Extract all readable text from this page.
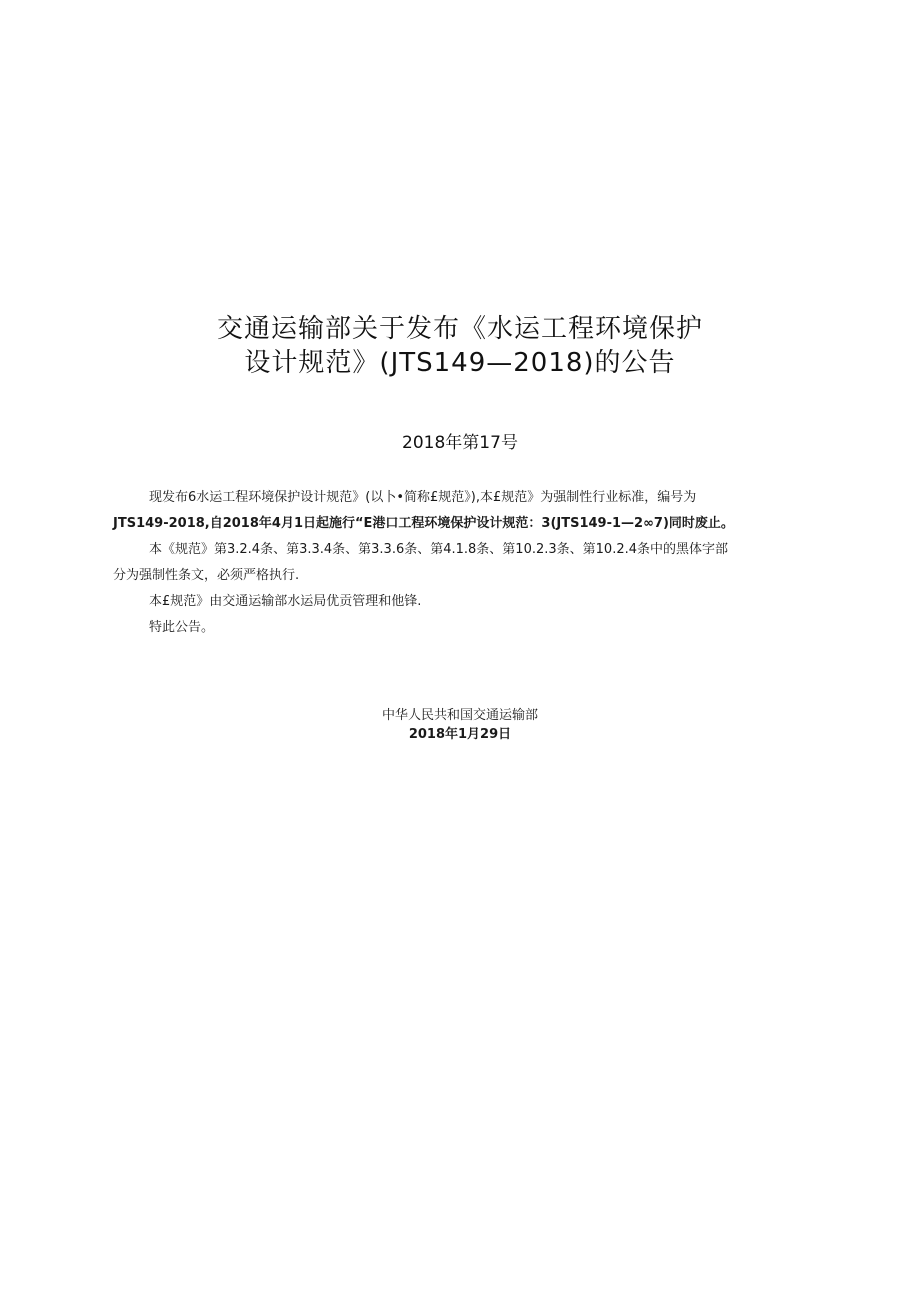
交通运输部关于发布《水运工程环境保护
设计规范》(JTS149—2018)的公告
2018年第17号

现发布6水运工程环境保护设计规范》(以卜•简称£规范》),本£规范》为强制性行业标准，编号为

JTS149-2018,自2018年4月1日起施行“E港口工程环境保护设计规范：3(JTS149-1—2∞7)同时废止。

本《规范》第3.2.4条、第3.3.4条、第3.3.6条、第4.1.8条、第10.2.3条、第10.2.4条中的黑体字部

分为强制性条文，必须严格执行.

本£规范》由交通运输部水运局优贡管理和他锋.

特此公告。

中华人民共和国交通运输部
2018年1月29日
